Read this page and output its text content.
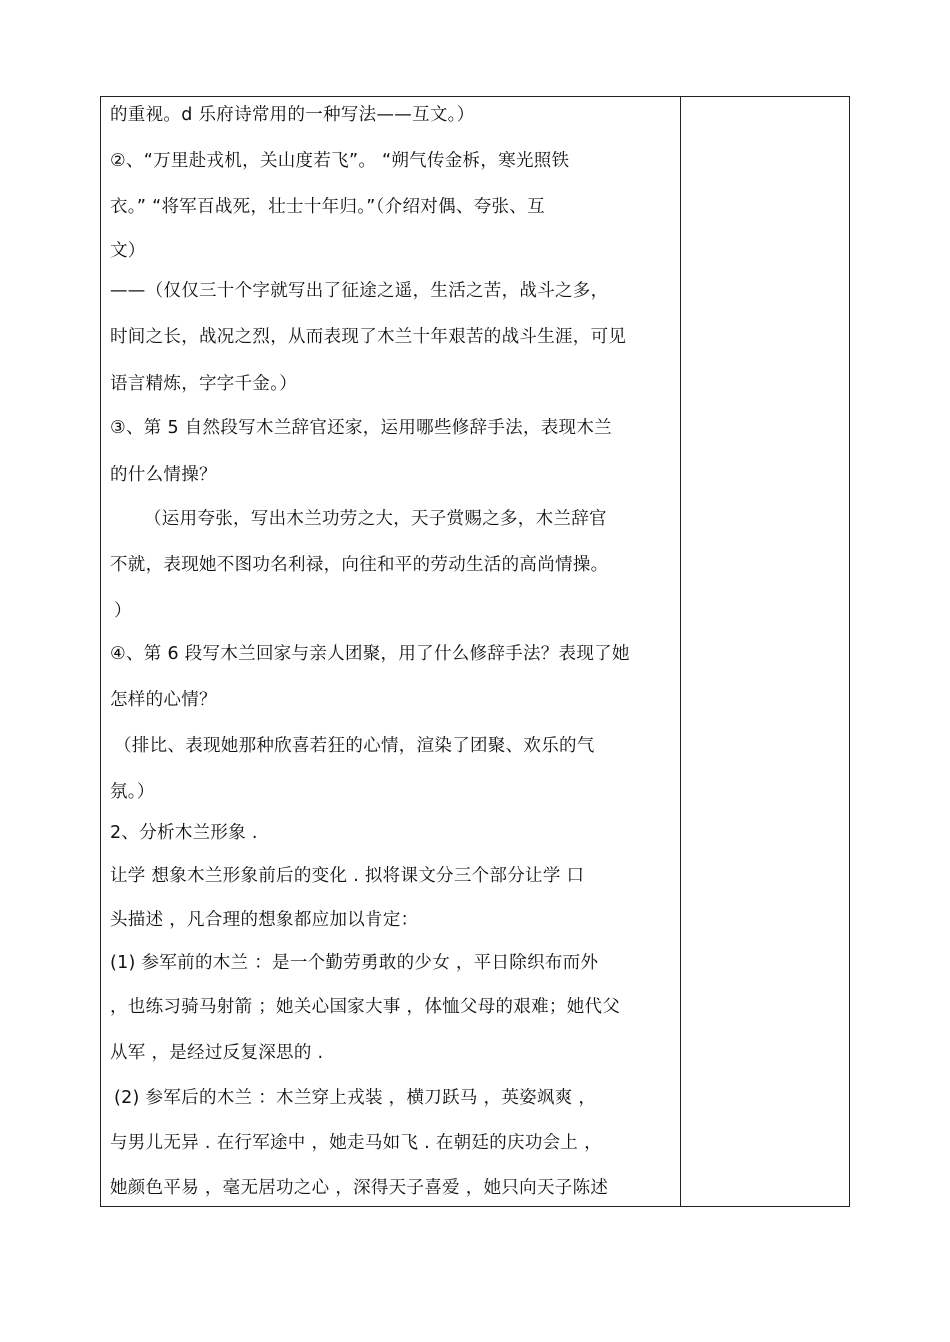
的重视。d 乐府诗常用的一种写法——互文。）
②、“万里赴戎机，关山度若飞”。 “朔气传金柝，寒光照铁
衣。” “将军百战死，壮士十年归。”（介绍对偶、夸张、互
文）
——（仅仅三十个字就写出了征途之遥，生活之苦，战斗之多，
时间之长，战况之烈，从而表现了木兰十年艰苦的战斗生涯，可见
语言精炼，字字千金。）
③、第 5 自然段写木兰辞官还家，运用哪些修辞手法，表现木兰
的什么情操？
（运用夸张，写出木兰功劳之大，天子赏赐之多，木兰辞官
不就，表现她不图功名利禄，向往和平的劳动生活的高尚情操。
）
④、第 6 段写木兰回家与亲人团聚，用了什么修辞手法？表现了她
怎样的心情？
（排比、表现她那种欣喜若狂的心情，渲染了团聚、欢乐的气
氛。）
2、分析木兰形象 .
让学 想象木兰形象前后的变化 . 拟将课文分三个部分让学 口
头描述 ，凡合理的想象都应加以肯定：
(1) 参军前的木兰 ：是一个勤劳勇敢的少女 ，平日除织布而外
，也练习骑马射箭 ；她关心国家大事 ，体恤父母的艰难；她代父
从军 ，是经过反复深思的 .
(2) 参军后的木兰 ：木兰穿上戎装 ，横刀跃马 ，英姿飒爽 ，
与男儿无异 . 在行军途中 ，她走马如飞 . 在朝廷的庆功会上 ，
她颜色平易 ，毫无居功之心 ，深得天子喜爱 ，她只向天子陈述
